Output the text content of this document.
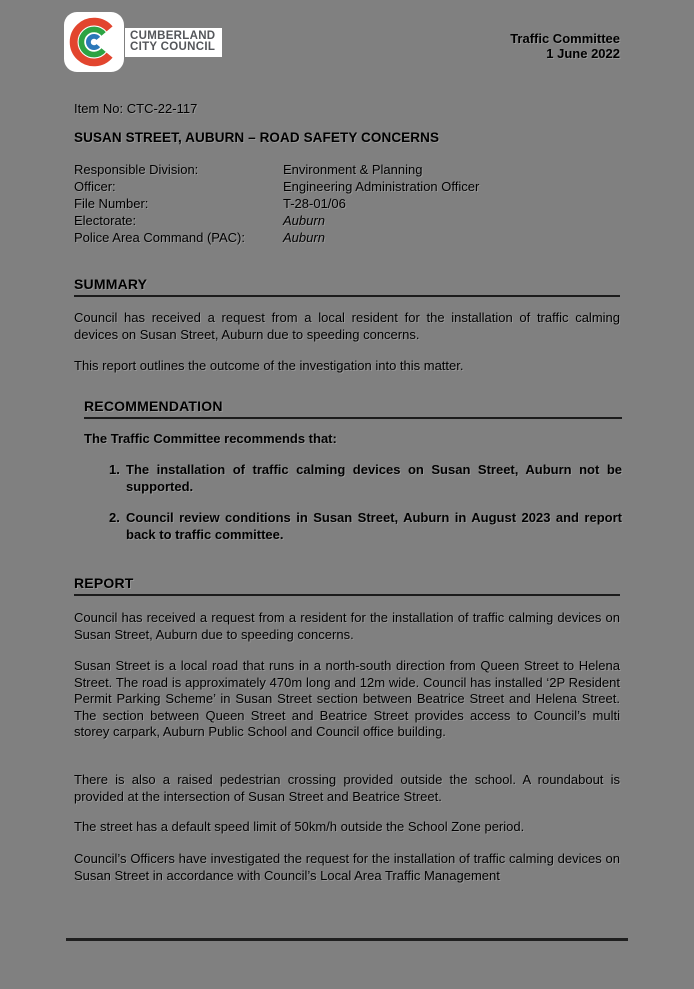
CUMBERLAND
CITY COUNCIL
Traffic Committee
1 June 2022
Item No: CTC-22-117
SUSAN STREET, AUBURN – ROAD SAFETY CONCERNS
Responsible Division:	Environment & Planning
Officer:	Engineering Administration Officer
File Number:	T-28-01/06
Electorate:	Auburn
Police Area Command (PAC):	Auburn
SUMMARY

Council has received a request from a local resident for the installation of traffic calming devices on Susan Street, Auburn due to speeding concerns.

This report outlines the outcome of the investigation into this matter.

RECOMMENDATION
The Traffic Committee recommends that:
1. The installation of traffic calming devices on Susan Street, Auburn not be supported.
2. Council review conditions in Susan Street, Auburn in August 2023 and report back to traffic committee.
REPORT

Council has received a request from a resident for the installation of traffic calming devices on Susan Street, Auburn due to speeding concerns.

Susan Street is a local road that runs in a north-south direction from Queen Street to Helena Street. The road is approximately 470m long and 12m wide. Council has installed ‘2P Resident Permit Parking Scheme’ in Susan Street section between Beatrice Street and Helena Street. The section between Queen Street and Beatrice Street provides access to Council’s multi storey carpark, Auburn Public School and Council office building.

There is also a raised pedestrian crossing provided outside the school. A roundabout is provided at the intersection of Susan Street and Beatrice Street.

The street has a default speed limit of 50km/h outside the School Zone period.

Council’s Officers have investigated the request for the installation of traffic calming devices on Susan Street in accordance with Council’s Local Area Traffic Management
